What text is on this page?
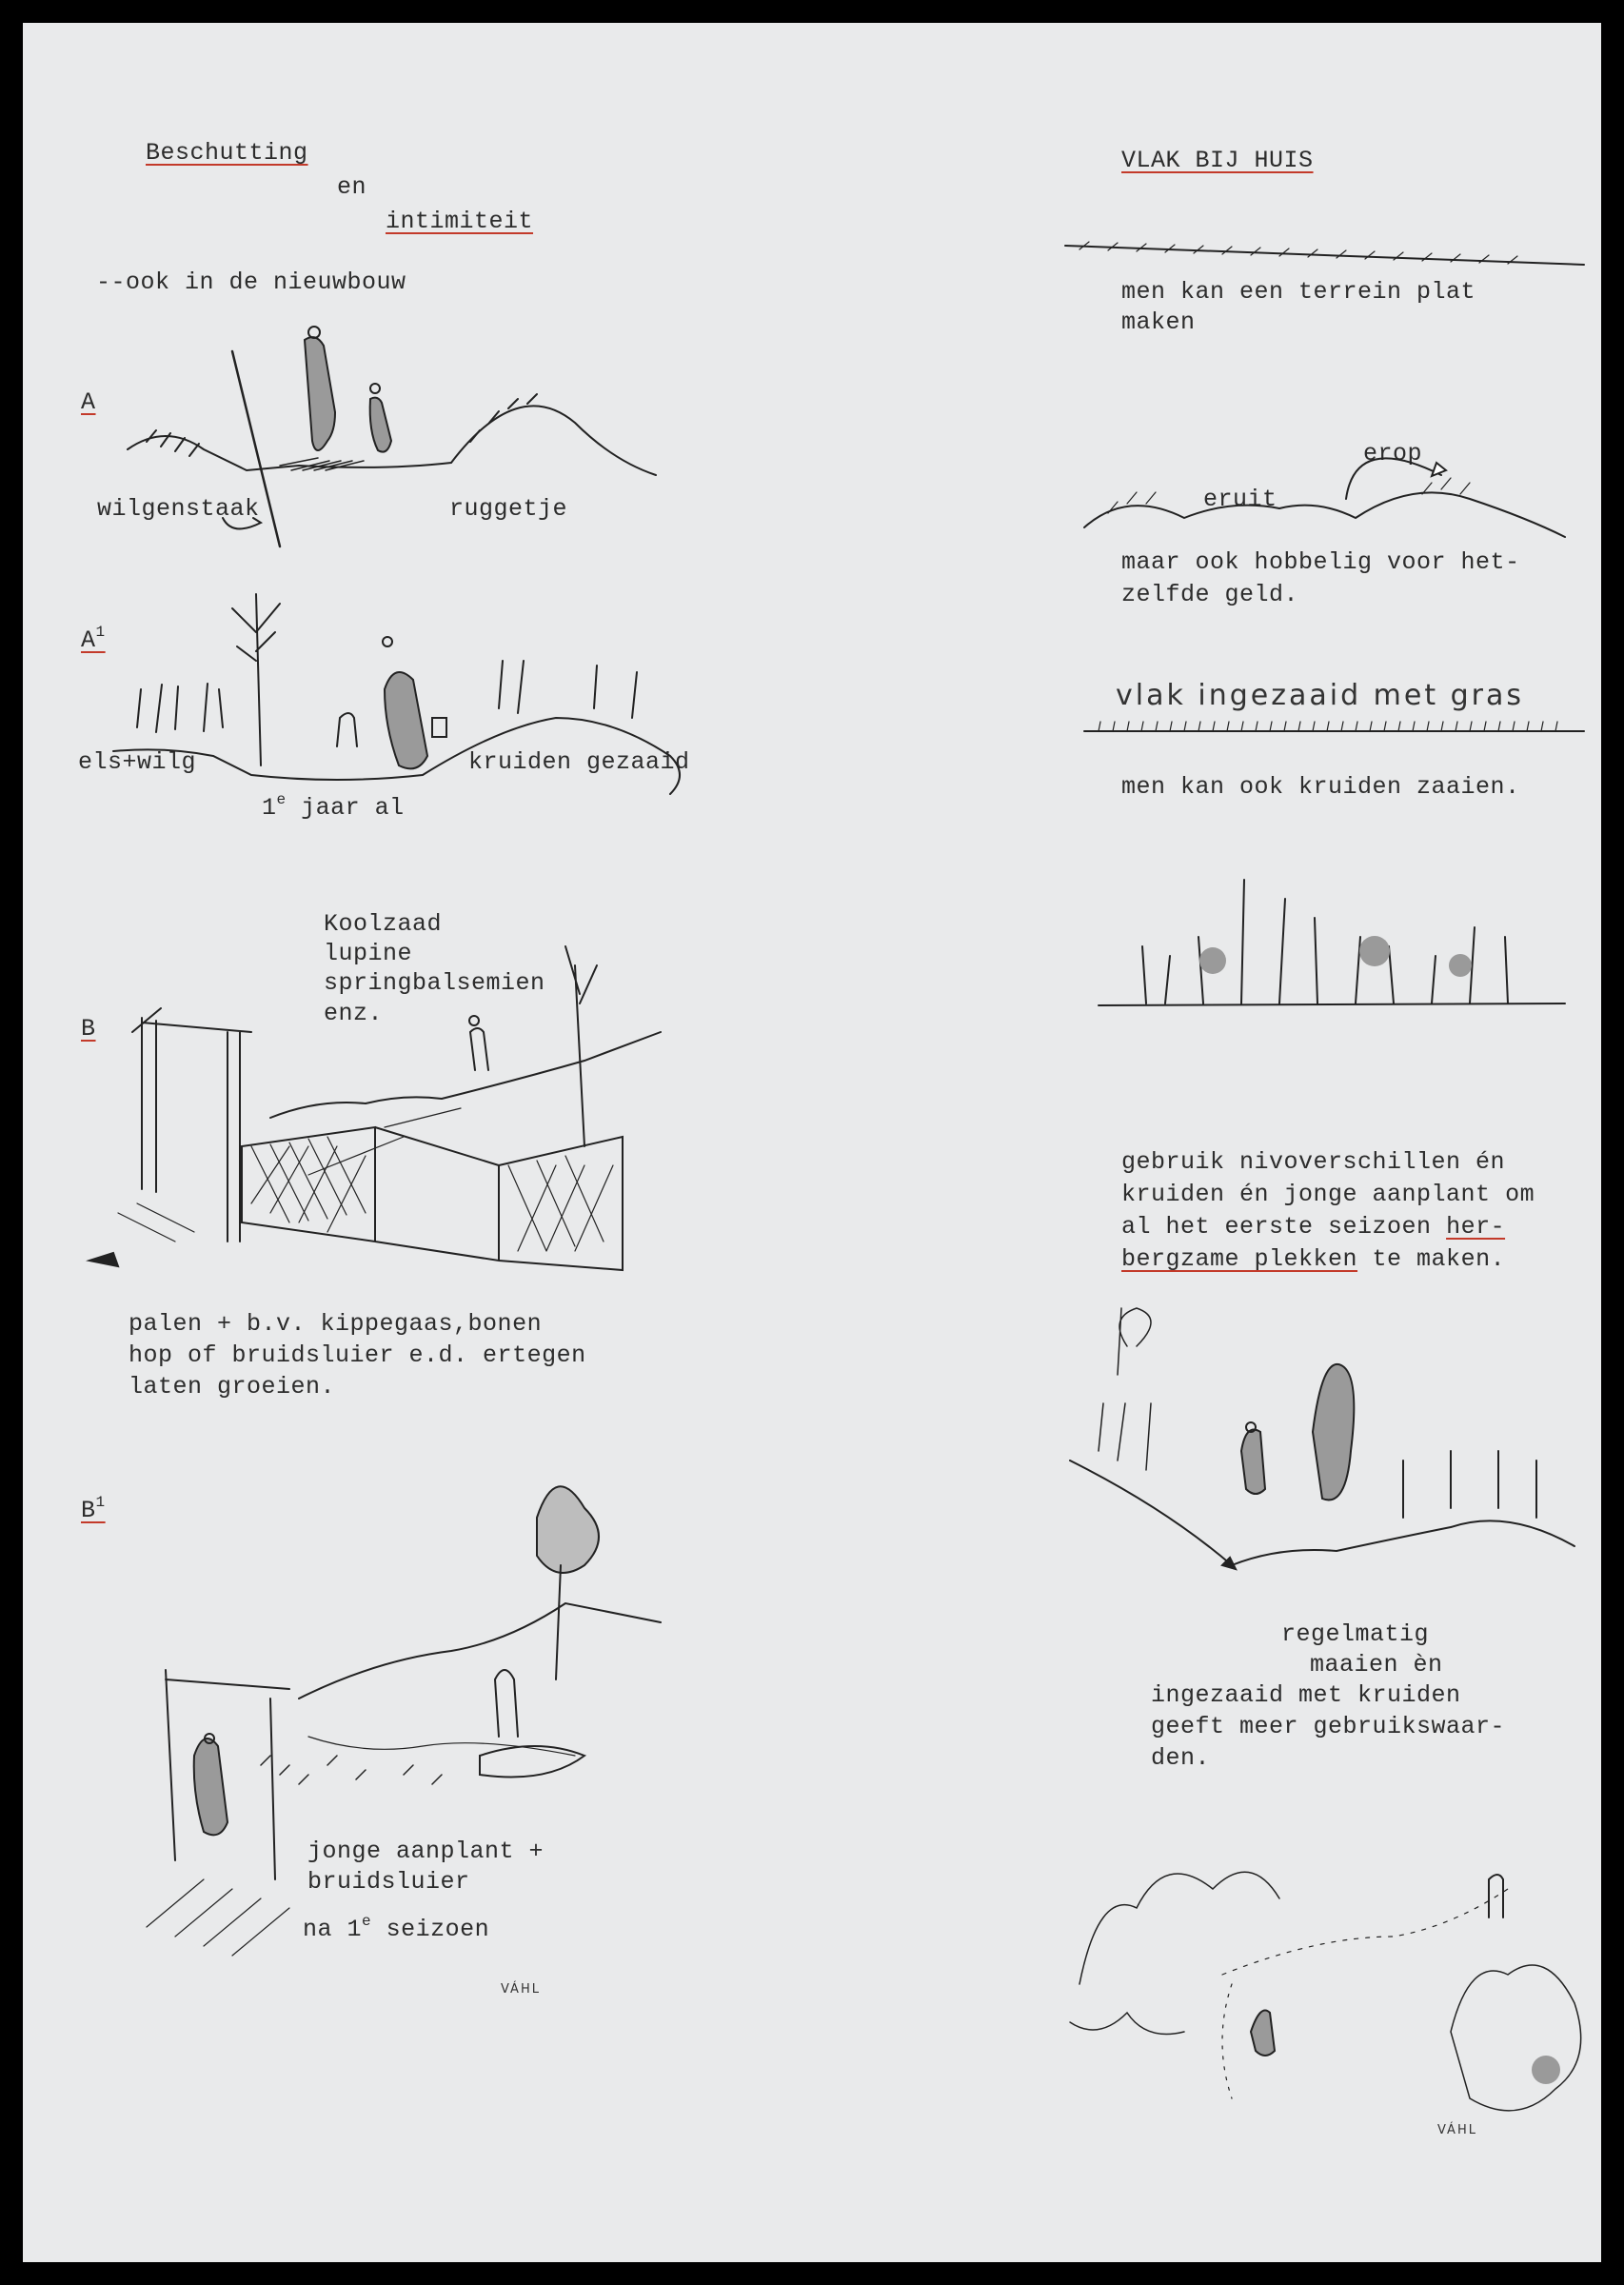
Beschutting
en
intimiteit
--ook in de nieuwbouw
A
wilgenstaak	ruggetje
$A^1$
els+wilg	kruiden gezaaid
1e jaar al
Koolzaad
lupine
springbalsemien
enz.
B
palen + b.v. kippegaas,bonen
hop of bruidsluier e.d. ertegen
laten groeien.
$B^1$
jonge aanplant +
bruidsluier
na 1e seizoen
VÁHL
VLAK BIJ HUIS
men kan een terrein plat
maken
erop
eruit
maar ook hobbelig voor het-
zelfde geld.
vlak ingezaaid met gras
men kan ook kruiden zaaien.
gebruik nivoverschillen én
kruiden én jonge aanplant om
al het eerste seizoen her-
bergzame plekken te maken.
regelmatig
maaien èn
ingezaaid met kruiden
geeft meer gebruikswaar-
den.
VÁHL
